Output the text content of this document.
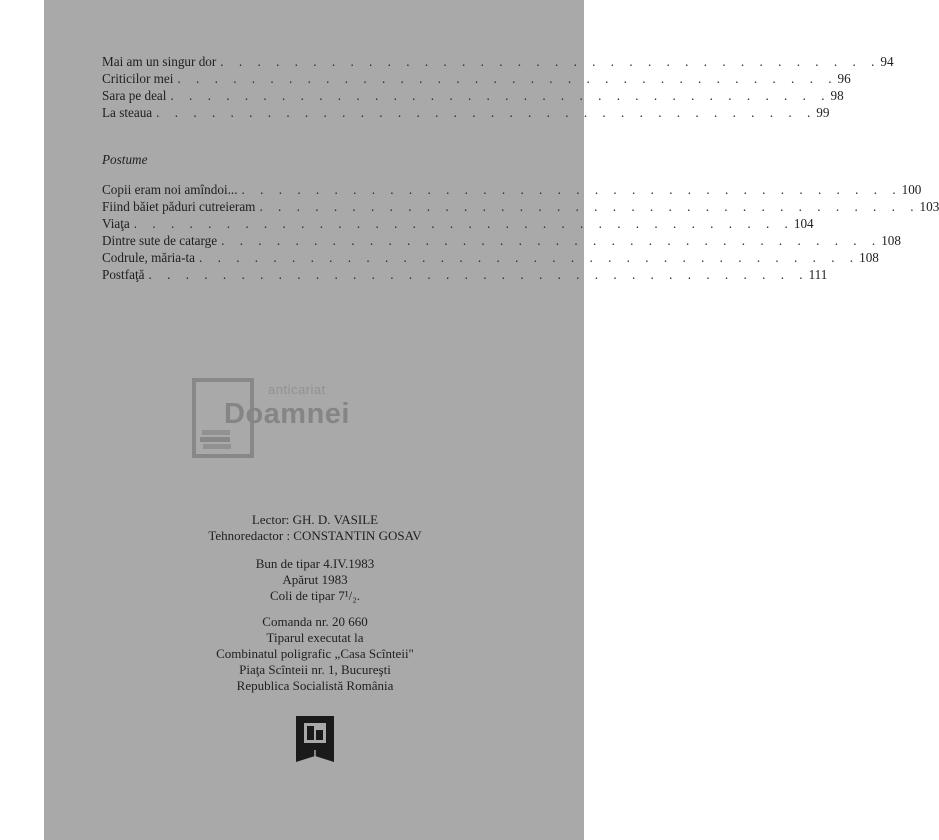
Mai am un singur dor . . . . . . . . . . . . . . . . . . . . . . . . . . . . . . . . . . . . 94
Criticilor mei . . . . . . . . . . . . . . . . . . . . . . . . . . . . . . . . . . . . 96
Sara pe deal . . . . . . . . . . . . . . . . . . . . . . . . . . . . . . . . . . . . 98
La steaua . . . . . . . . . . . . . . . . . . . . . . . . . . . . . . . . . . . . 99
Postume
Copii eram noi amîndoi... . . . . . . . . . . . . . . . . . . . . . . . . . . . . . . . . . . . . 100
Fiind băiet păduri cutreieram . . . . . . . . . . . . . . . . . . . . . . . . . . . . . . . . . . . . 103
Viaţa . . . . . . . . . . . . . . . . . . . . . . . . . . . . . . . . . . . . 104
Dintre sute de catarge . . . . . . . . . . . . . . . . . . . . . . . . . . . . . . . . . . . . 108
Codrule, măria-ta . . . . . . . . . . . . . . . . . . . . . . . . . . . . . . . . . . . . 108
Postfaţă . . . . . . . . . . . . . . . . . . . . . . . . . . . . . . . . . . . . 111
anticariat
Doamnei
Lector: GH. D. VASILE
Tehnoredactor : CONSTANTIN GOSAV
Bun de tipar 4.IV.1983
Apărut 1983
Coli de tipar 7¹/₂.
Comanda nr. 20 660
Tiparul executat la
Combinatul poligrafic „Casa Scînteii"
Piaţa Scînteii nr. 1, Bucureşti
Republica Socialistă România
